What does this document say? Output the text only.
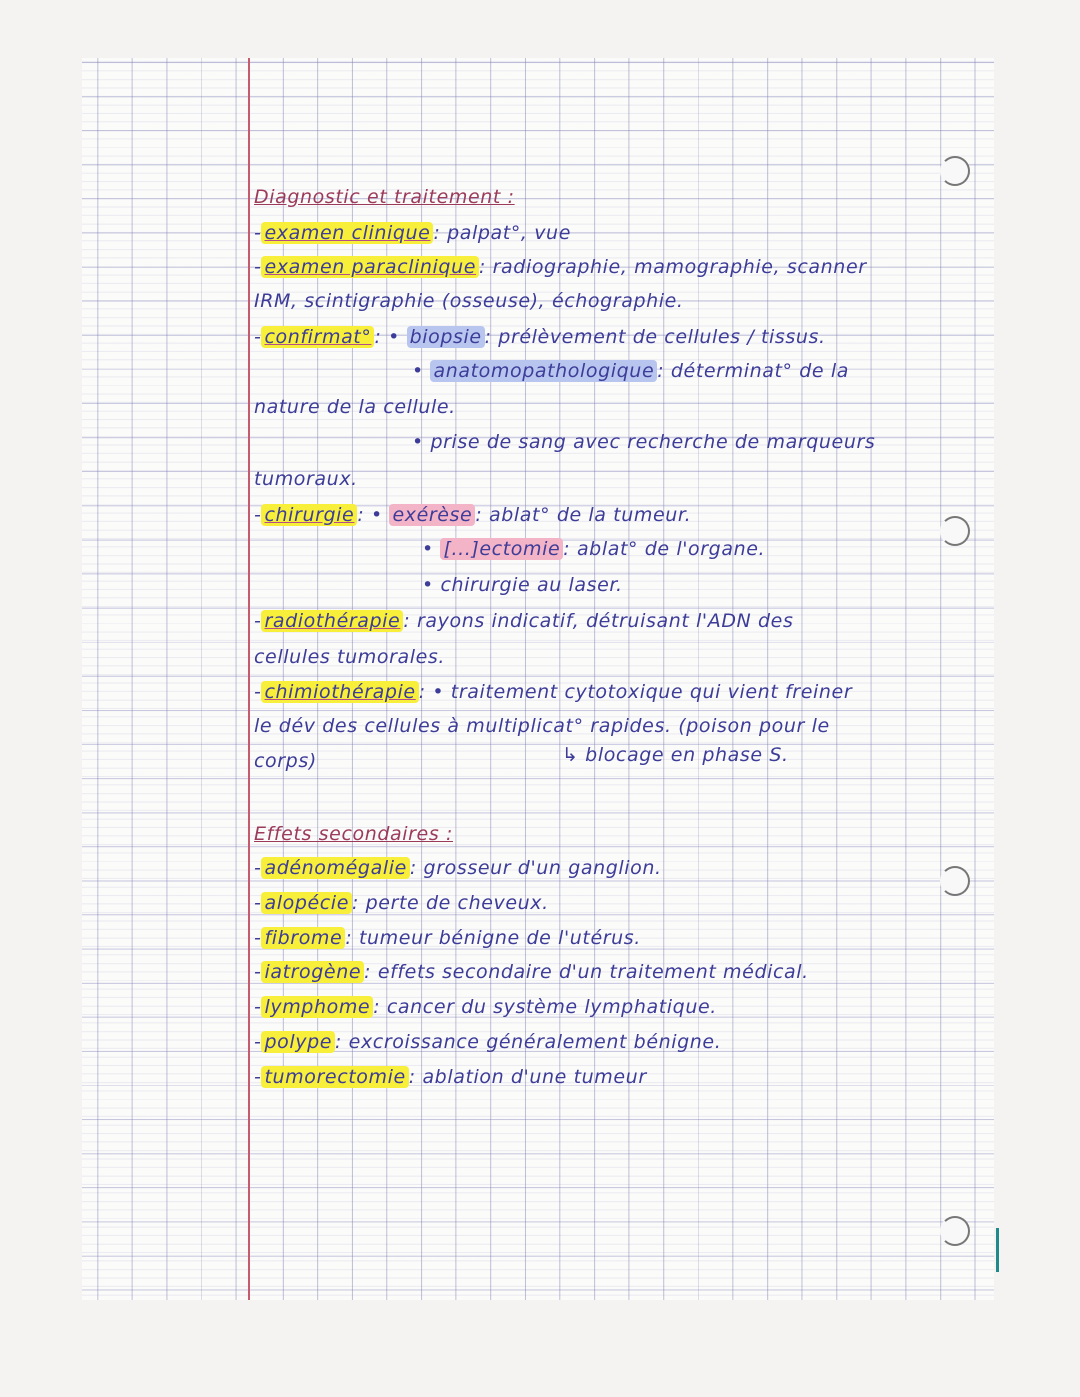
Diagnostic et traitement :
- examen clinique : palpat°, vue
- examen paraclinique : radiographie, mamographie, scanner
IRM, scintigraphie (osseuse), échographie.
- confirmat° : • biopsie : prélèvement de cellules / tissus.
• anatomopathologique : déterminat° de la
nature de la cellule.
• prise de sang avec recherche de marqueurs
tumoraux.
- chirurgie : • exérèse : ablat° de la tumeur.
• [...]ectomie : ablat° de l'organe.
• chirurgie au laser.
- radiothérapie : rayons indicatif, détruisant l'ADN des
cellules tumorales.
- chimiothérapie : • traitement cytotoxique qui vient freiner
le dév des cellules à multiplicat° rapides. (poison pour le
corps)	↳ blocage en phase S.
Effets secondaires :
- adénomégalie : grosseur d'un ganglion.
- alopécie : perte de cheveux.
- fibrome : tumeur bénigne de l'utérus.
- iatrogène : effets secondaire d'un traitement médical.
- lymphome : cancer du système lymphatique.
- polype : excroissance généralement bénigne.
- tumorectomie : ablation d'une tumeur
